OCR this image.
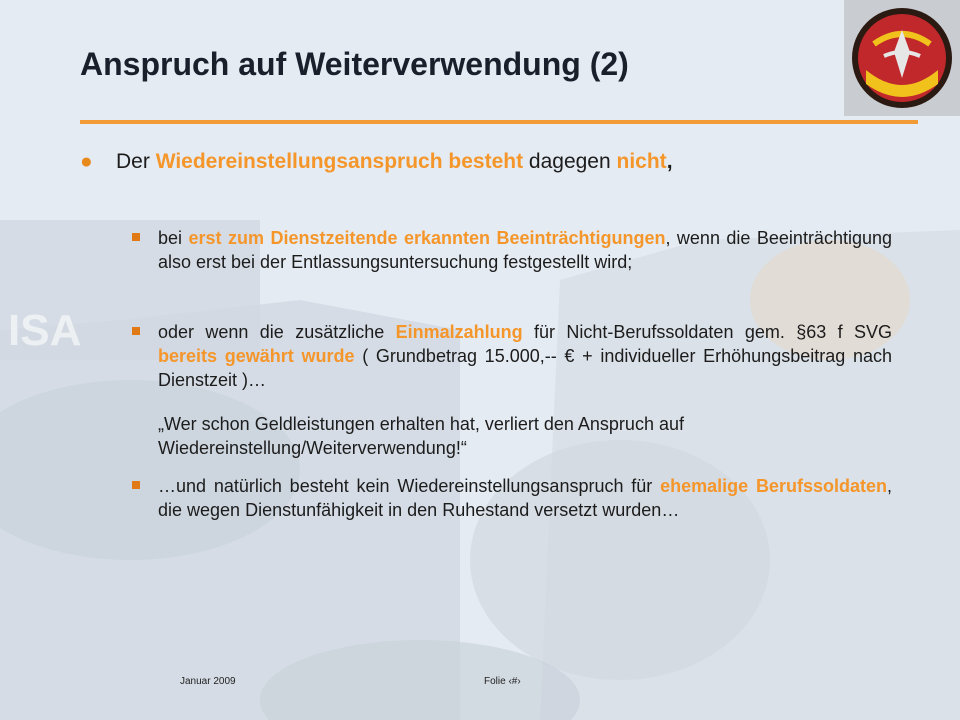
ISA
Anspruch auf Weiterverwendung (2)
● Der Wiedereinstellungsanspruch besteht dagegen nicht,
bei erst zum Dienstzeitende erkannten Beeinträchtigungen, wenn die Beeinträchtigung also erst bei der Entlassungsuntersuchung festgestellt wird;
oder wenn die zusätzliche Einmalzahlung für Nicht-Berufssoldaten gem. §63 f SVG bereits gewährt wurde ( Grundbetrag 15.000,-- € + individueller Erhöhungsbeitrag nach Dienstzeit )…
„Wer schon Geldleistungen erhalten hat, verliert den Anspruch auf Wiedereinstellung/Weiterverwendung!“
…und natürlich besteht kein Wiedereinstellungsanspruch für ehemalige Berufssoldaten, die wegen Dienstunfähigkeit in den Ruhestand versetzt wurden…
Januar 2009	Folie ‹#›
